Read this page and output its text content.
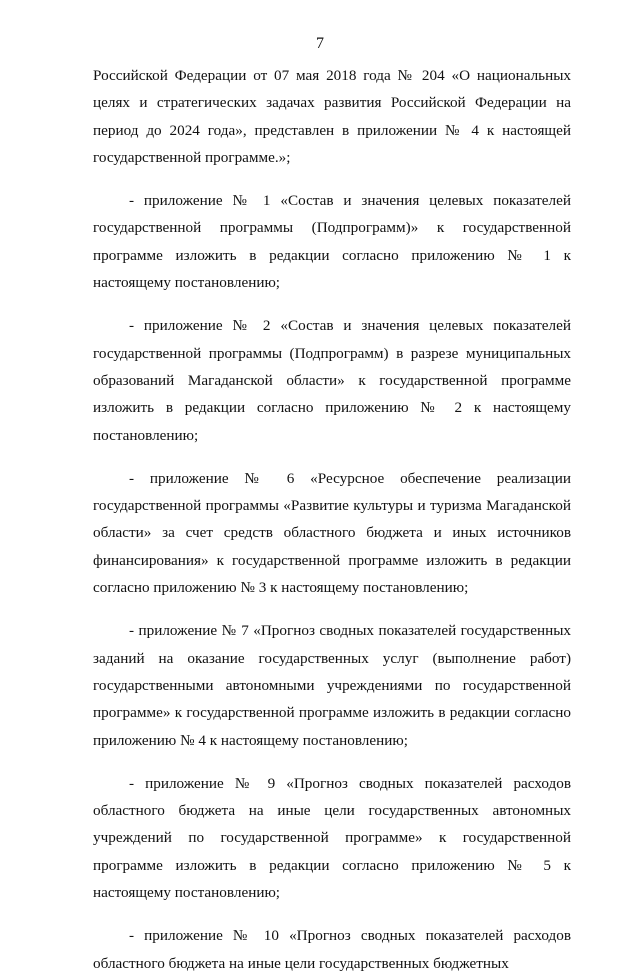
7

Российской Федерации от 07 мая 2018 года № 204 «О национальных целях и стратегических задачах развития Российской Федерации на период до 2024 года», представлен в приложении № 4 к настоящей государственной программе.»;

- приложение № 1 «Состав и значения целевых показателей государственной программы (Подпрограмм)» к государственной программе изложить в редакции согласно приложению № 1 к настоящему постановлению;

- приложение № 2 «Состав и значения целевых показателей государственной программы (Подпрограмм) в разрезе муниципальных образований Магаданской области» к государственной программе изложить в редакции согласно приложению № 2 к настоящему постановлению;

- приложение № 6 «Ресурсное обеспечение реализации государственной программы «Развитие культуры и туризма Магаданской области» за счет средств областного бюджета и иных источников финансирования» к государственной программе изложить в редакции согласно приложению № 3 к настоящему постановлению;

- приложение № 7 «Прогноз сводных показателей государственных заданий на оказание государственных услуг (выполнение работ) государственными автономными учреждениями по государственной программе» к государственной программе изложить в редакции согласно приложению № 4 к настоящему постановлению;

- приложение № 9 «Прогноз сводных показателей расходов областного бюджета на иные цели государственных автономных учреждений по государственной программе» к государственной программе изложить в редакции согласно приложению № 5 к настоящему постановлению;

- приложение № 10 «Прогноз сводных показателей расходов областного бюджета на иные цели государственных бюджетных
